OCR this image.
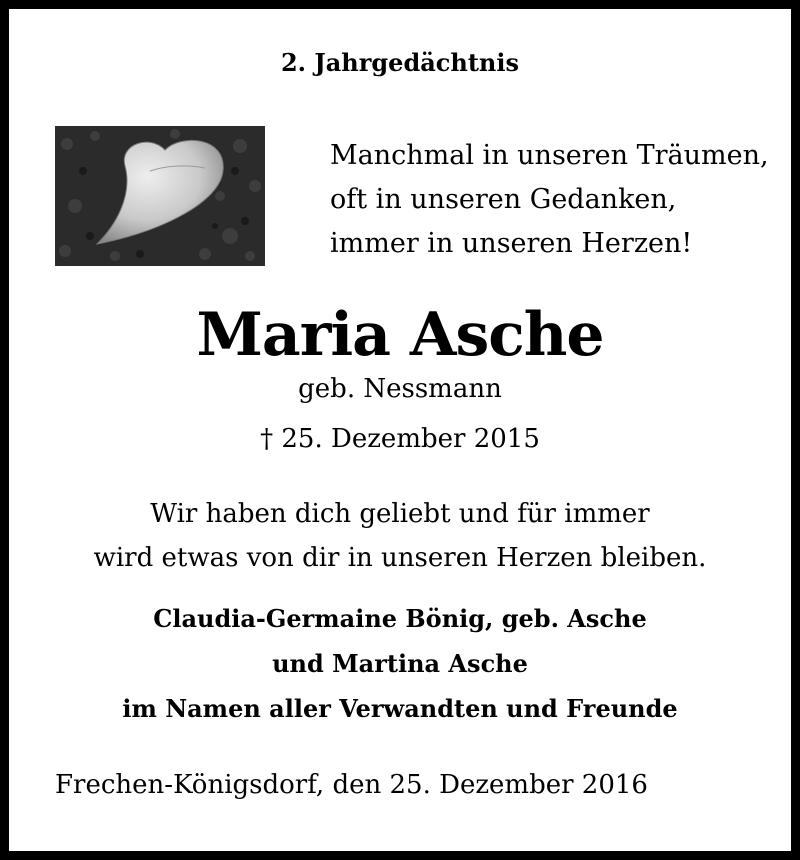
2. Jahrgedächtnis
Manchmal in unseren Träumen,
oft in unseren Gedanken,
immer in unseren Herzen!
Maria Asche
geb. Nessmann
† 25. Dezember 2015
Wir haben dich geliebt und für immer
wird etwas von dir in unseren Herzen bleiben.
Claudia-Germaine Bönig, geb. Asche
und Martina Asche
im Namen aller Verwandten und Freunde
Frechen-Königsdorf, den 25. Dezember 2016
